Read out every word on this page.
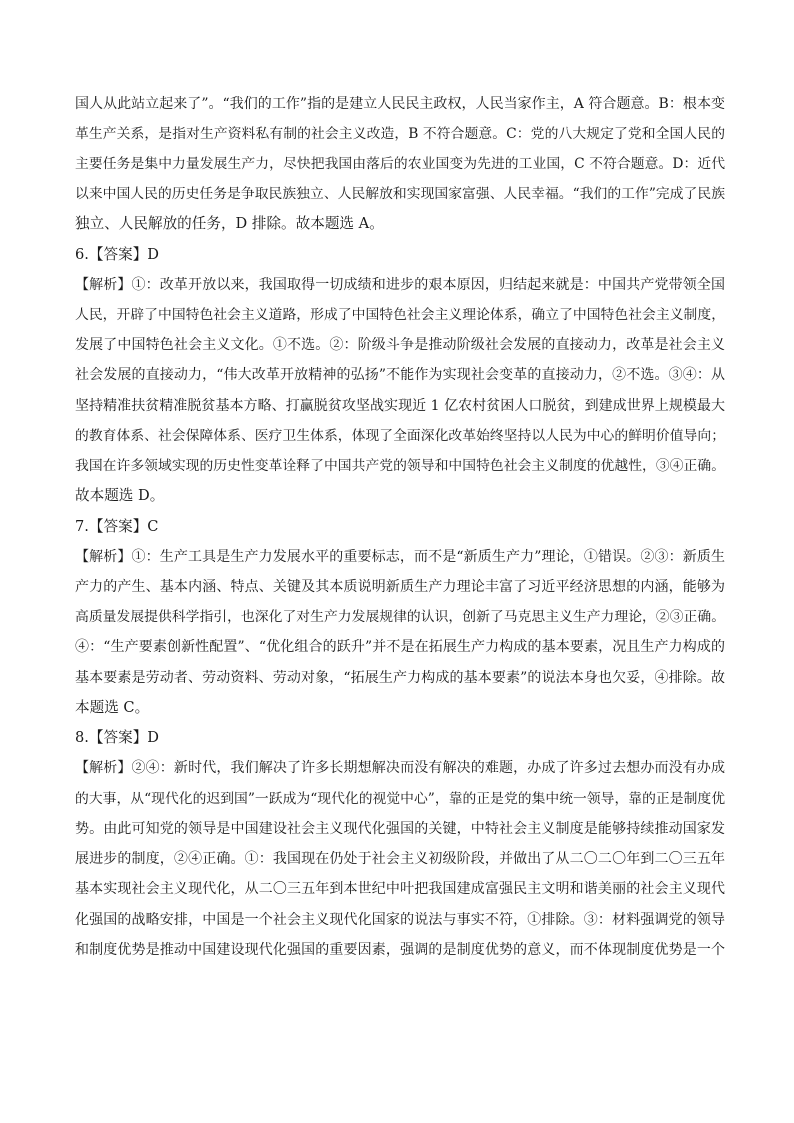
国人从此站立起来了”。“我们的工作”指的是建立人民民主政权，人民当家作主，A 符合题意。B：根本变
革生产关系，是指对生产资料私有制的社会主义改造，B 不符合题意。C：党的八大规定了党和全国人民的
主要任务是集中力量发展生产力，尽快把我国由落后的农业国变为先进的工业国，C 不符合题意。D：近代
以来中国人民的历史任务是争取民族独立、人民解放和实现国家富强、人民幸福。“我们的工作”完成了民族
独立、人民解放的任务，D 排除。故本题选 A。
6.【答案】D
【解析】①：改革开放以来，我国取得一切成绩和进步的艰本原因，归结起来就是：中国共产党带领全国
人民，开辟了中国特色社会主义道路，形成了中国特色社会主义理论体系，确立了中国特色社会主义制度，
发展了中国特色社会主义文化。①不选。②：阶级斗争是推动阶级社会发展的直接动力，改革是社会主义
社会发展的直接动力，“伟大改革开放精神的弘扬”不能作为实现社会变革的直接动力，②不选。③④：从
坚持精准扶贫精准脱贫基本方略、打赢脱贫攻坚战实现近 1 亿农村贫困人口脱贫，到建成世界上规模最大
的教育体系、社会保障体系、医疗卫生体系，体现了全面深化改革始终坚持以人民为中心的鲜明价值导向；
我国在许多领域实现的历史性变革诠释了中国共产党的领导和中国特色社会主义制度的优越性，③④正确。
故本题选 D。
7.【答案】C
【解析】①：生产工具是生产力发展水平的重要标志，而不是“新质生产力”理论，①错误。②③：新质生
产力的产生、基本内涵、特点、关键及其本质说明新质生产力理论丰富了习近平经济思想的内涵，能够为
高质量发展提供科学指引，也深化了对生产力发展规律的认识，创新了马克思主义生产力理论，②③正确。
④：“生产要素创新性配置”、“优化组合的跃升”并不是在拓展生产力构成的基本要素，况且生产力构成的
基本要素是劳动者、劳动资料、劳动对象，“拓展生产力构成的基本要素”的说法本身也欠妥，④排除。故
本题选 C。
8.【答案】D
【解析】②④：新时代，我们解决了许多长期想解决而没有解决的难题，办成了许多过去想办而没有办成
的大事，从“现代化的迟到国”一跃成为“现代化的视觉中心”，靠的正是党的集中统一领导，靠的正是制度优
势。由此可知党的领导是中国建设社会主义现代化强国的关键，中特社会主义制度是能够持续推动国家发
展进步的制度，②④正确。①：我国现在仍处于社会主义初级阶段，并做出了从二〇二〇年到二〇三五年
基本实现社会主义现代化，从二〇三五年到本世纪中叶把我国建成富强民主文明和谐美丽的社会主义现代
化强国的战略安排，中国是一个社会主义现代化国家的说法与事实不符，①排除。③：材料强调党的领导
和制度优势是推动中国建设现代化强国的重要因素，强调的是制度优势的意义，而不体现制度优势是一个
